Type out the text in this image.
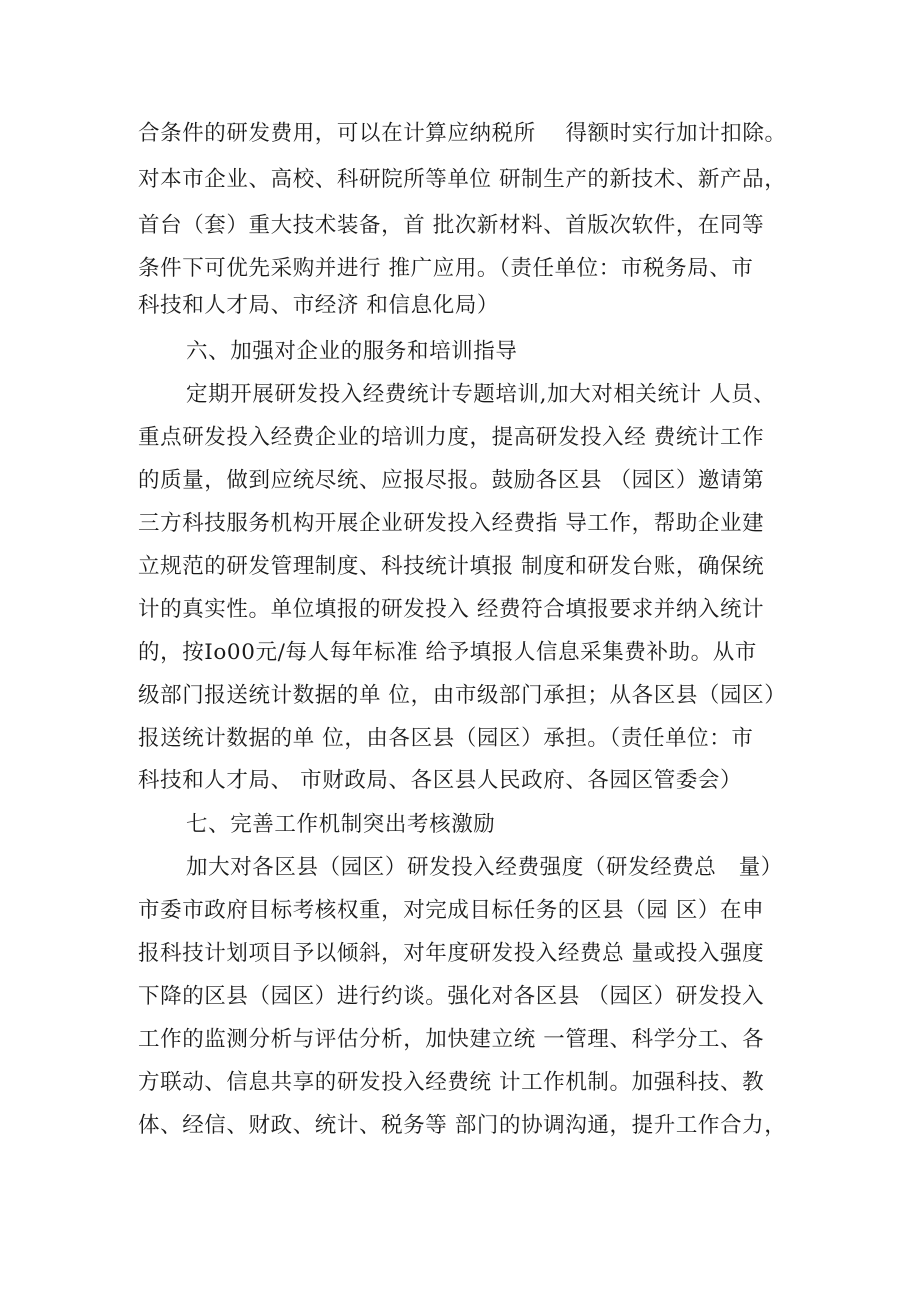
合条件的研发费用，可以在计算应纳税所    得额时实行加计扣除。
对本市企业、高校、科研院所等单位 研制生产的新技术、新产品，
首台（套）重大技术装备，首 批次新材料、首版次软件，在同等
条件下可优先采购并进行 推广应用。（责任单位：市税务局、市
科技和人才局、市经济 和信息化局）
六、加强对企业的服务和培训指导
定期开展研发投入经费统计专题培训,加大对相关统计 人员、
重点研发投入经费企业的培训力度，提高研发投入经 费统计工作
的质量，做到应统尽统、应报尽报。鼓励各区县 （园区）邀请第
三方科技服务机构开展企业研发投入经费指 导工作，帮助企业建
立规范的研发管理制度、科技统计填报 制度和研发台账，确保统
计的真实性。单位填报的研发投入 经费符合填报要求并纳入统计
的，按Io00元/每人每年标准 给予填报人信息采集费补助。从市
级部门报送统计数据的单 位，由市级部门承担；从各区县（园区）
报送统计数据的单 位，由各区县（园区）承担。（责任单位：市
科技和人才局、 市财政局、各区县人民政府、各园区管委会）
七、完善工作机制突出考核激励
加大对各区县（园区）研发投入经费强度（研发经费总   量）
市委市政府目标考核权重，对完成目标任务的区县（园 区）在申
报科技计划项目予以倾斜，对年度研发投入经费总 量或投入强度
下降的区县（园区）进行约谈。强化对各区县 （园区）研发投入
工作的监测分析与评估分析，加快建立统 一管理、科学分工、各
方联动、信息共享的研发投入经费统 计工作机制。加强科技、教
体、经信、财政、统计、税务等 部门的协调沟通，提升工作合力，
